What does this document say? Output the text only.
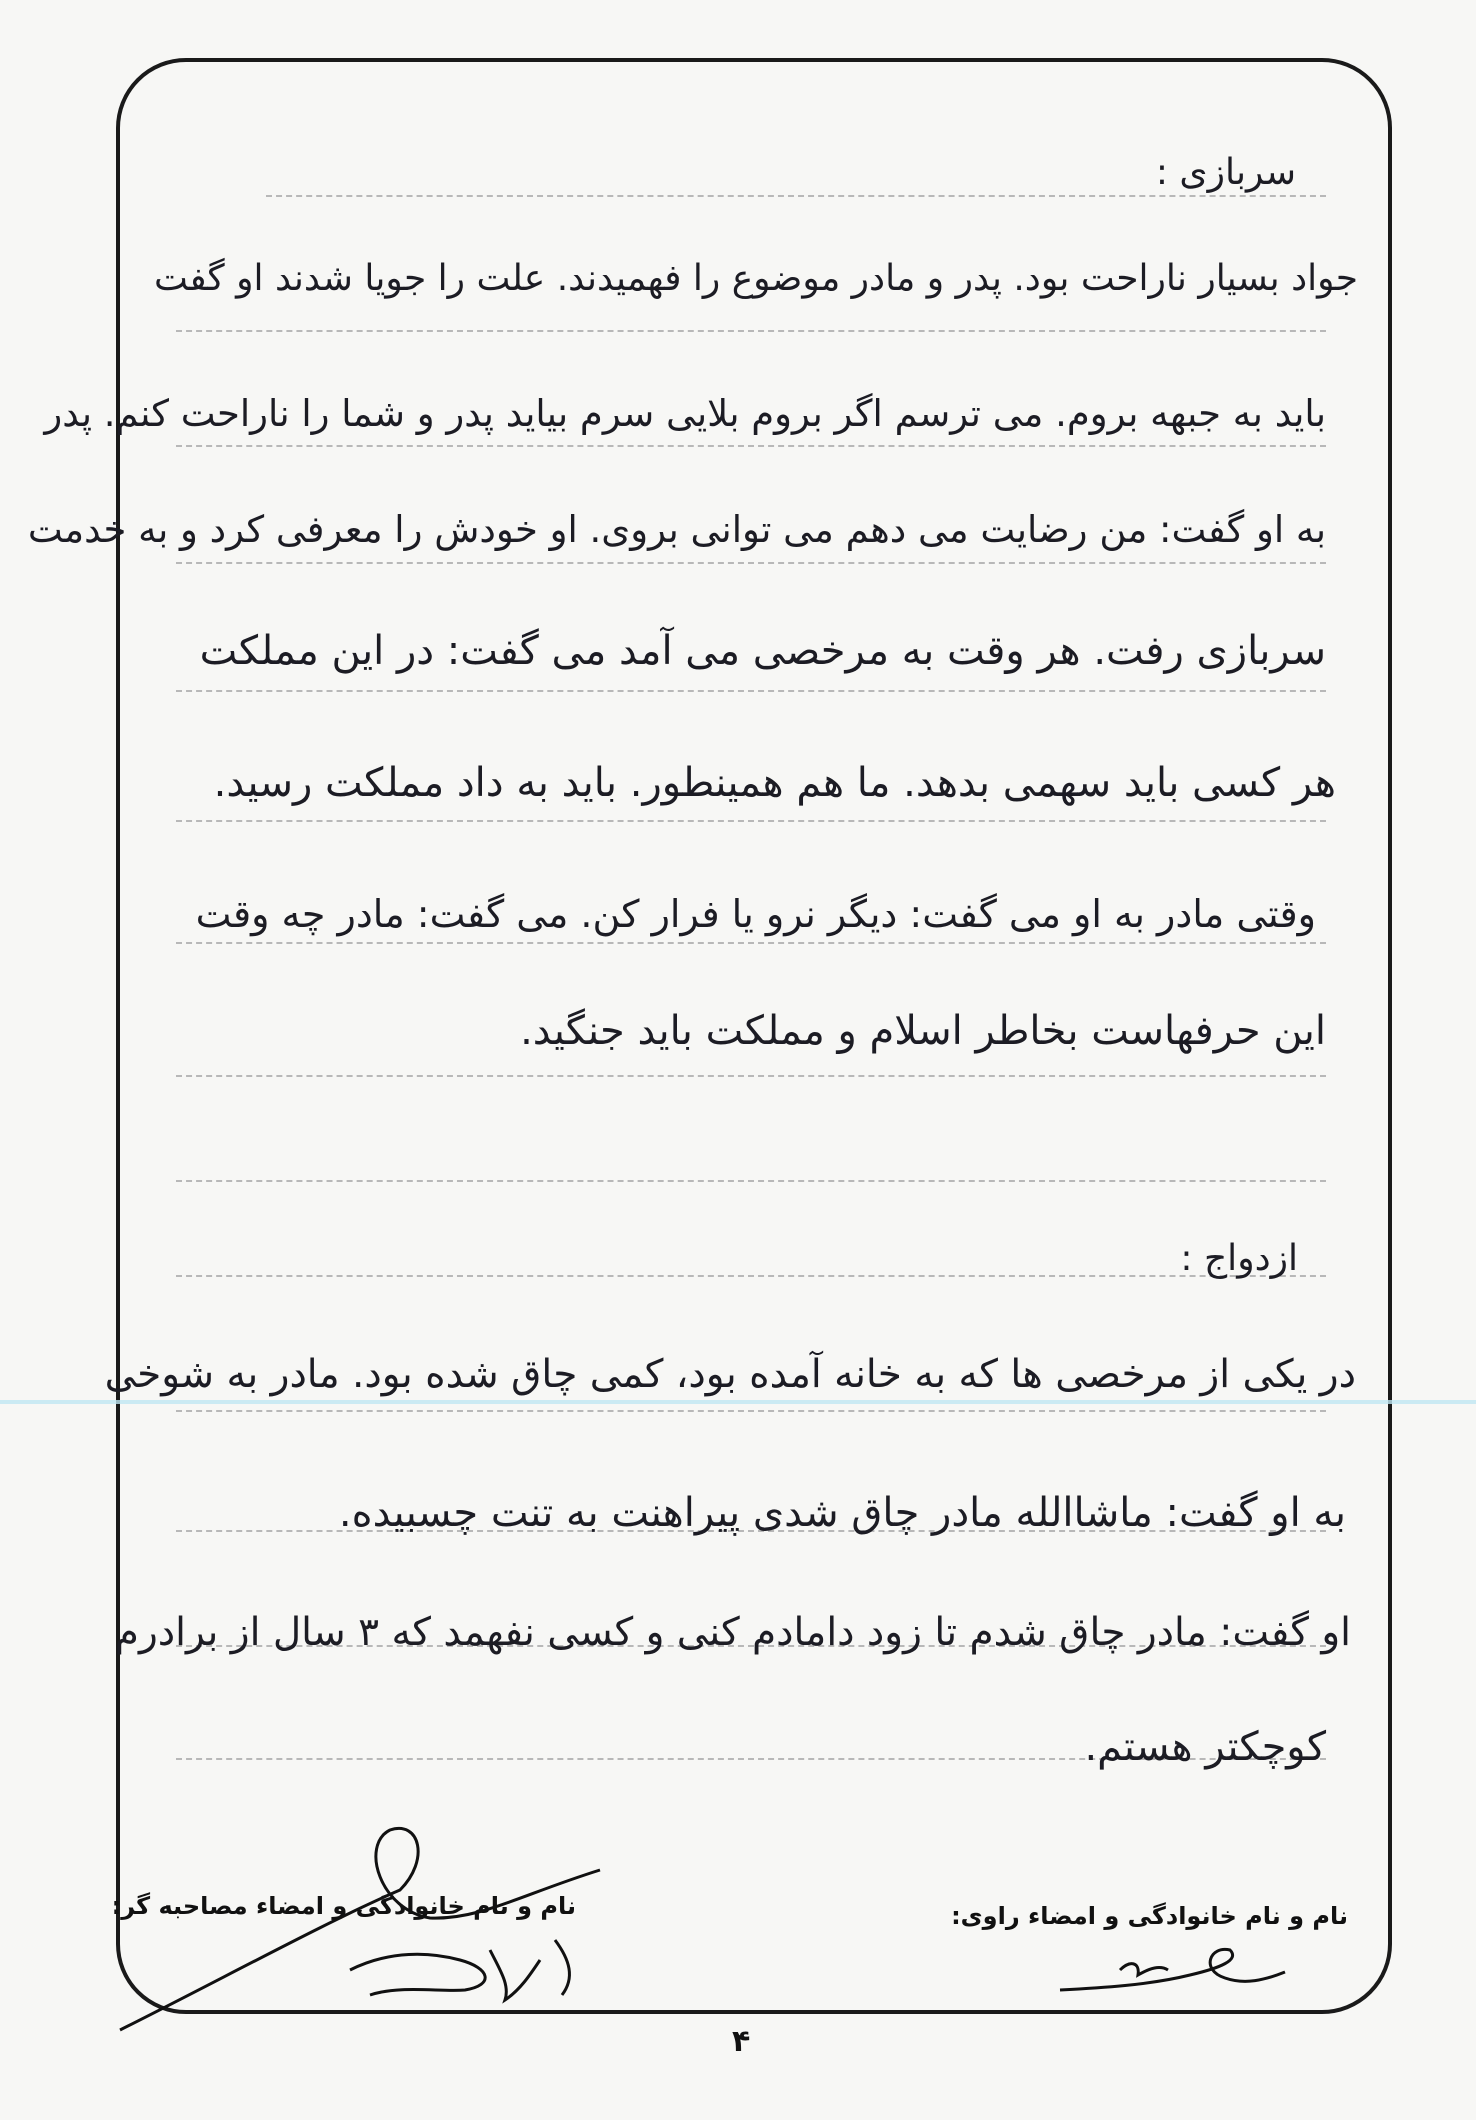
سربازی :
جواد بسیار ناراحت بود. پدر و مادر موضوع را فهمیدند. علت را جویا شدند او گفت
باید به جبهه بروم. می ترسم اگر بروم بلایی سرم بیاید پدر و شما را ناراحت کنم. پدر
به او گفت: من رضایت می دهم می توانی بروی. او خودش را معرفی کرد و به خدمت
سربازی رفت. هر وقت به مرخصی می آمد می گفت: در این مملکت
هر کسی باید سهمی بدهد. ما هم همینطور. باید به داد مملکت رسید.
وقتی مادر به او می گفت: دیگر نرو یا فرار کن. می گفت: مادر چه وقت
این حرفهاست بخاطر اسلام و مملکت باید جنگید.
ازدواج :
در یکی از مرخصی ها که به خانه آمده بود، کمی چاق شده بود. مادر به شوخی
به او گفت: ماشاالله مادر چاق شدی پیراهنت به تنت چسبیده.
او گفت: مادر چاق شدم تا زود دامادم کنی و کسی نفهمد که ۳ سال از برادرم
کوچکتر هستم.
نام و نام خانوادگی و امضاء مصاحبه گر:	نام و نام خانوادگی و امضاء راوی:
۴
